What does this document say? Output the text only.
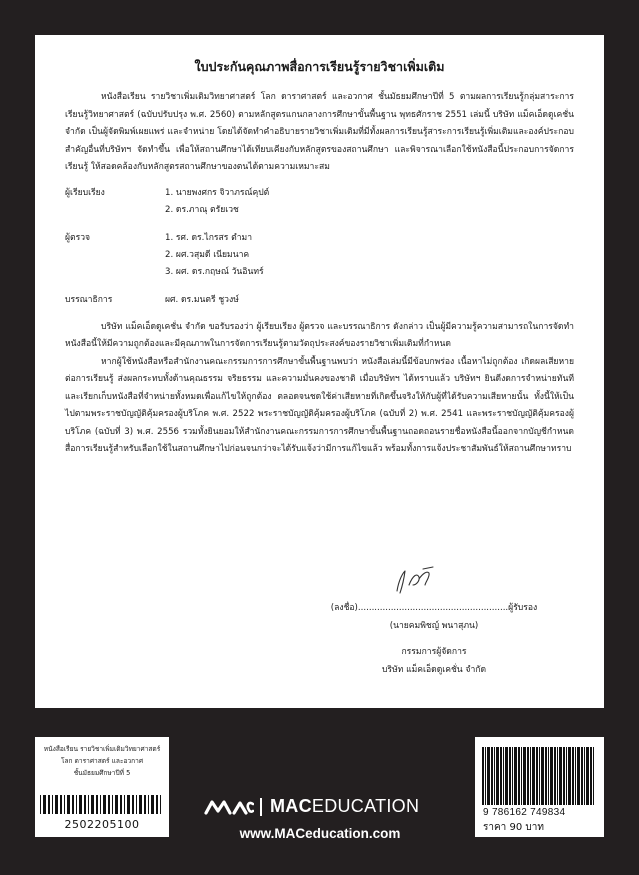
ใบประกันคุณภาพสื่อการเรียนรู้รายวิชาเพิ่มเติม

หนังสือเรียน รายวิชาเพิ่มเติมวิทยาศาสตร์ โลก ดาราศาสตร์ และอวกาศ ชั้นมัธยมศึกษาปีที่ 5 ตามผลการเรียนรู้กลุ่มสาระการเรียนรู้วิทยาศาสตร์ (ฉบับปรับปรุง พ.ศ. 2560) ตามหลักสูตรแกนกลางการศึกษาขั้นพื้นฐาน พุทธศักราช 2551 เล่มนี้ บริษัท แม็คเอ็ดดูเคชั่น จำกัด เป็นผู้จัดพิมพ์เผยแพร่ และจำหน่าย โดยได้จัดทำคำอธิบายรายวิชาเพิ่มเติมที่มีทั้งผลการเรียนรู้สาระการเรียนรู้เพิ่มเติมและองค์ประกอบสำคัญอื่นที่บริษัทฯ จัดทำขึ้น เพื่อให้สถานศึกษาได้เทียบเคียงกับหลักสูตรของสถานศึกษา และพิจารณาเลือกใช้หนังสือนี้ประกอบการจัดการเรียนรู้ ให้สอดคล้องกับหลักสูตรสถานศึกษาของตนได้ตามความเหมาะสม

ผู้เรียบเรียง	1. นายพงศกร จิวาภรณ์คุปต์
2. ดร.ภาณุ ตรัยเวช
ผู้ตรวจ	1. รศ. ดร.ไกรสร ตำมา
2. ผศ.วสุมดี เนียมนาค
3. ผศ. ดร.กฤษณ์ วันอินทร์
บรรณาธิการ	ผศ. ดร.มนตรี ชูวงษ์

บริษัท แม็คเอ็ดดูเคชั่น จำกัด ขอรับรองว่า ผู้เรียบเรียง ผู้ตรวจ และบรรณาธิการ ดังกล่าว เป็นผู้มีความรู้ความสามารถในการจัดทำหนังสือนี้ให้มีความถูกต้องและมีคุณภาพในการจัดการเรียนรู้ตามวัตถุประสงค์ของรายวิชาเพิ่มเติมที่กำหนด

หากผู้ใช้หนังสือหรือสำนักงานคณะกรรมการการศึกษาขั้นพื้นฐานพบว่า หนังสือเล่มนี้มีข้อบกพร่อง เนื้อหาไม่ถูกต้อง เกิดผลเสียหายต่อการเรียนรู้ ส่งผลกระทบทั้งด้านคุณธรรม จริยธรรม และความมั่นคงของชาติ เมื่อบริษัทฯ ได้ทราบแล้ว บริษัทฯ ยินดีงดการจำหน่ายทันที และเรียกเก็บหนังสือที่จำหน่ายทั้งหมดเพื่อแก้ไขให้ถูกต้อง ตลอดจนชดใช้ค่าเสียหายที่เกิดขึ้นจริงให้กับผู้ที่ได้รับความเสียหายนั้น ทั้งนี้ให้เป็นไปตามพระราชบัญญัติคุ้มครองผู้บริโภค พ.ศ. 2522 พระราชบัญญัติคุ้มครองผู้บริโภค (ฉบับที่ 2) พ.ศ. 2541 และพระราชบัญญัติคุ้มครองผู้บริโภค (ฉบับที่ 3) พ.ศ. 2556 รวมทั้งยินยอมให้สำนักงานคณะกรรมการการศึกษาขั้นพื้นฐานถอดถอนรายชื่อหนังสือนี้ออกจากบัญชีกำหนดสื่อการเรียนรู้สำหรับเลือกใช้ในสถานศึกษาไปก่อนจนกว่าจะได้รับแจ้งว่ามีการแก้ไขแล้ว พร้อมทั้งการแจ้งประชาสัมพันธ์ให้สถานศึกษาทราบ

(ลงชื่อ).......................................................ผู้รับรอง
(นายคมพิชญ์ พนาสุภน)
กรรมการผู้จัดการ
บริษัท แม็คเอ็ดดูเคชั่น จำกัด
หนังสือเรียน รายวิชาเพิ่มเติมวิทยาศาสตร์
โลก ดาราศาสตร์ และอวกาศ
ชั้นมัธยมศึกษาปีที่ 5
2502205100
MACEDUCATION
www.MACeducation.com
9 786162 749834
ราคา 90 บาท
